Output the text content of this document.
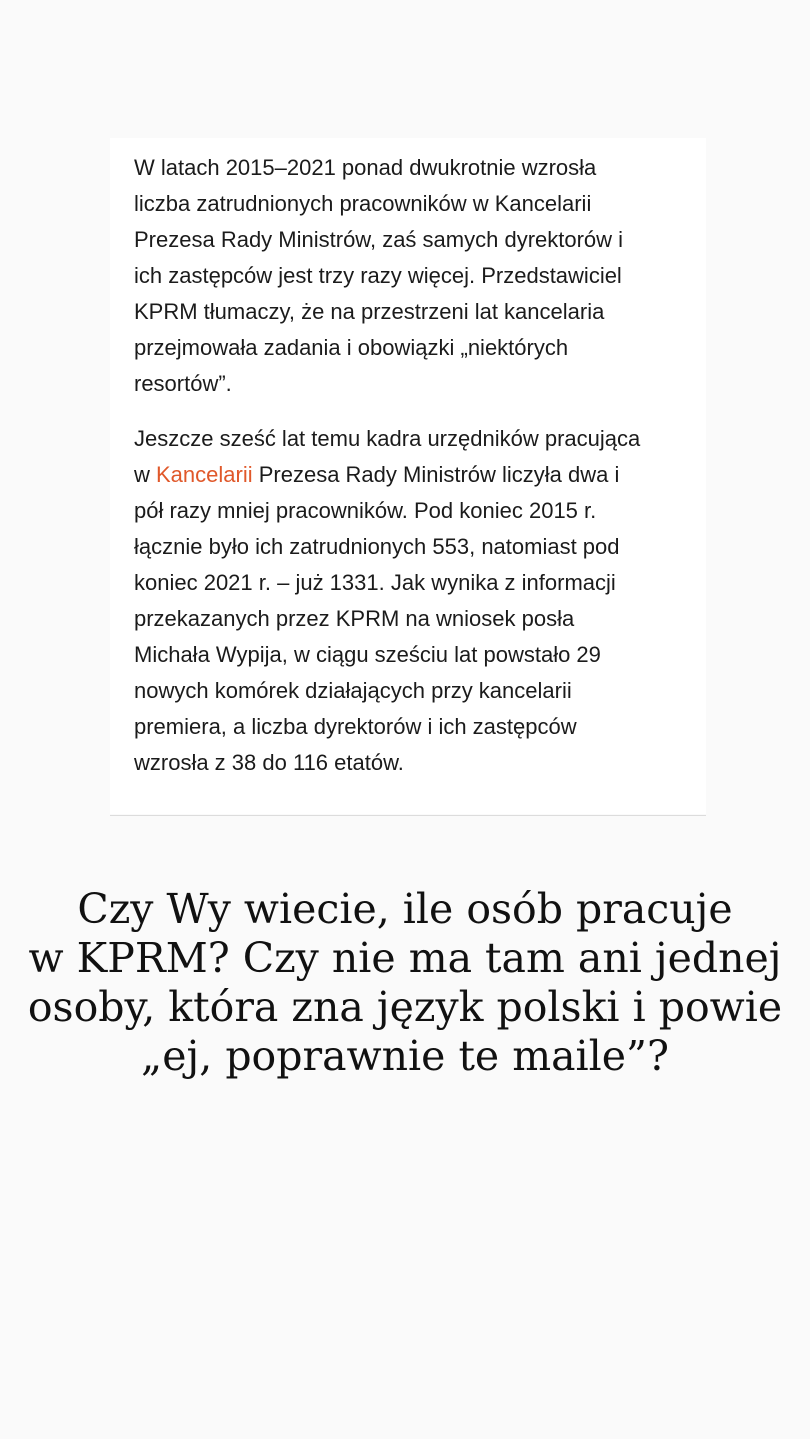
W latach 2015–2021 ponad dwukrotnie wzrosła
liczba zatrudnionych pracowników w Kancelarii
Prezesa Rady Ministrów, zaś samych dyrektorów i
ich zastępców jest trzy razy więcej. Przedstawiciel
KPRM tłumaczy, że na przestrzeni lat kancelaria
przejmowała zadania i obowiązki „niektórych
resortów”.

Jeszcze sześć lat temu kadra urzędników pracująca
w Kancelarii Prezesa Rady Ministrów liczyła dwa i
pół razy mniej pracowników. Pod koniec 2015 r.
łącznie było ich zatrudnionych 553, natomiast pod
koniec 2021 r. – już 1331. Jak wynika z informacji
przekazanych przez KPRM na wniosek posła
Michała Wypija, w ciągu sześciu lat powstało 29
nowych komórek działających przy kancelarii
premiera, a liczba dyrektorów i ich zastępców
wzrosła z 38 do 116 etatów.

Czy Wy wiecie, ile osób pracuje
w KPRM? Czy nie ma tam ani jednej
osoby, która zna język polski i powie
„ej, poprawnie te maile”?
